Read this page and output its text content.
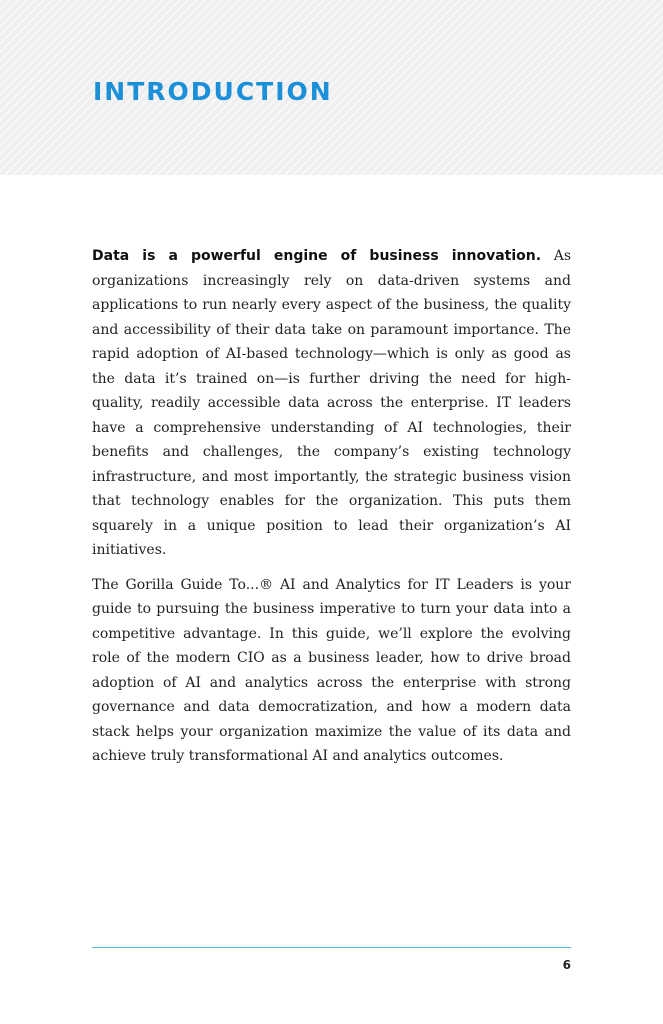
INTRODUCTION

Data is a powerful engine of business innovation. As organizations increasingly rely on data-driven systems and applications to run nearly every aspect of the business, the quality and accessibility of their data take on paramount importance. The rapid adoption of AI-based technology—which is only as good as the data it’s trained on—is further driving the need for high-quality, readily accessible data across the enterprise. IT leaders have a comprehensive understanding of AI technologies, their benefits and challenges, the company’s existing technology infrastructure, and most importantly, the strategic business vision that technology enables for the organization. This puts them squarely in a unique position to lead their organization’s AI initiatives.

The Gorilla Guide To...® AI and Analytics for IT Leaders is your guide to pursuing the business imperative to turn your data into a competitive advantage. In this guide, we’ll explore the evolving role of the modern CIO as a business leader, how to drive broad adoption of AI and analytics across the enterprise with strong governance and data democratization, and how a modern data stack helps your organization maximize the value of its data and achieve truly transformational AI and analytics outcomes.

6
